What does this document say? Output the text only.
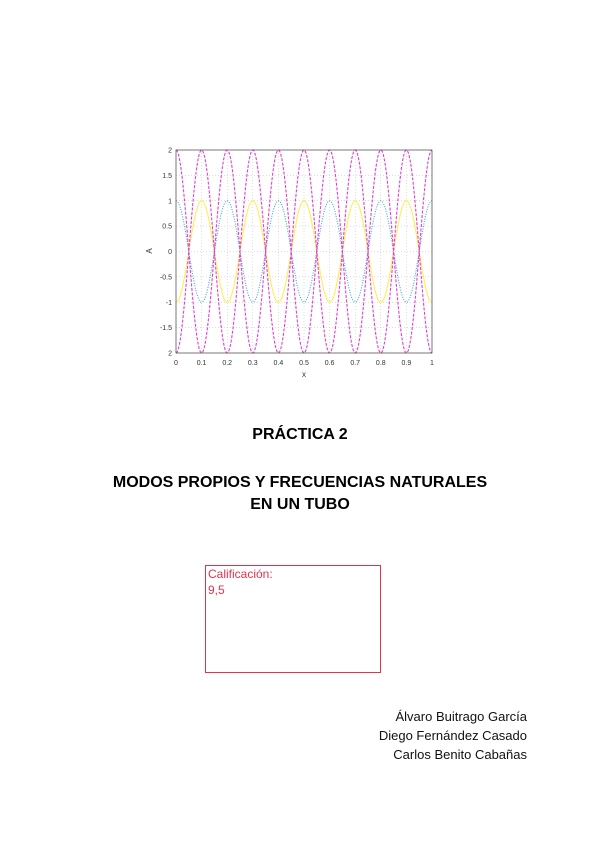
0	0.1 0.2 0.3 0.4 0.5 0.6 0.7 0.8 0.9	1
2
1.5
1
0.5
0
-0.5
-1
-1.5
2
x
A
PRÁCTICA 2
MODOS PROPIOS Y FRECUENCIAS NATURALES
EN UN TUBO
Calificación:
9,5
Álvaro Buitrago García
Diego Fernández Casado
Carlos Benito Cabañas
